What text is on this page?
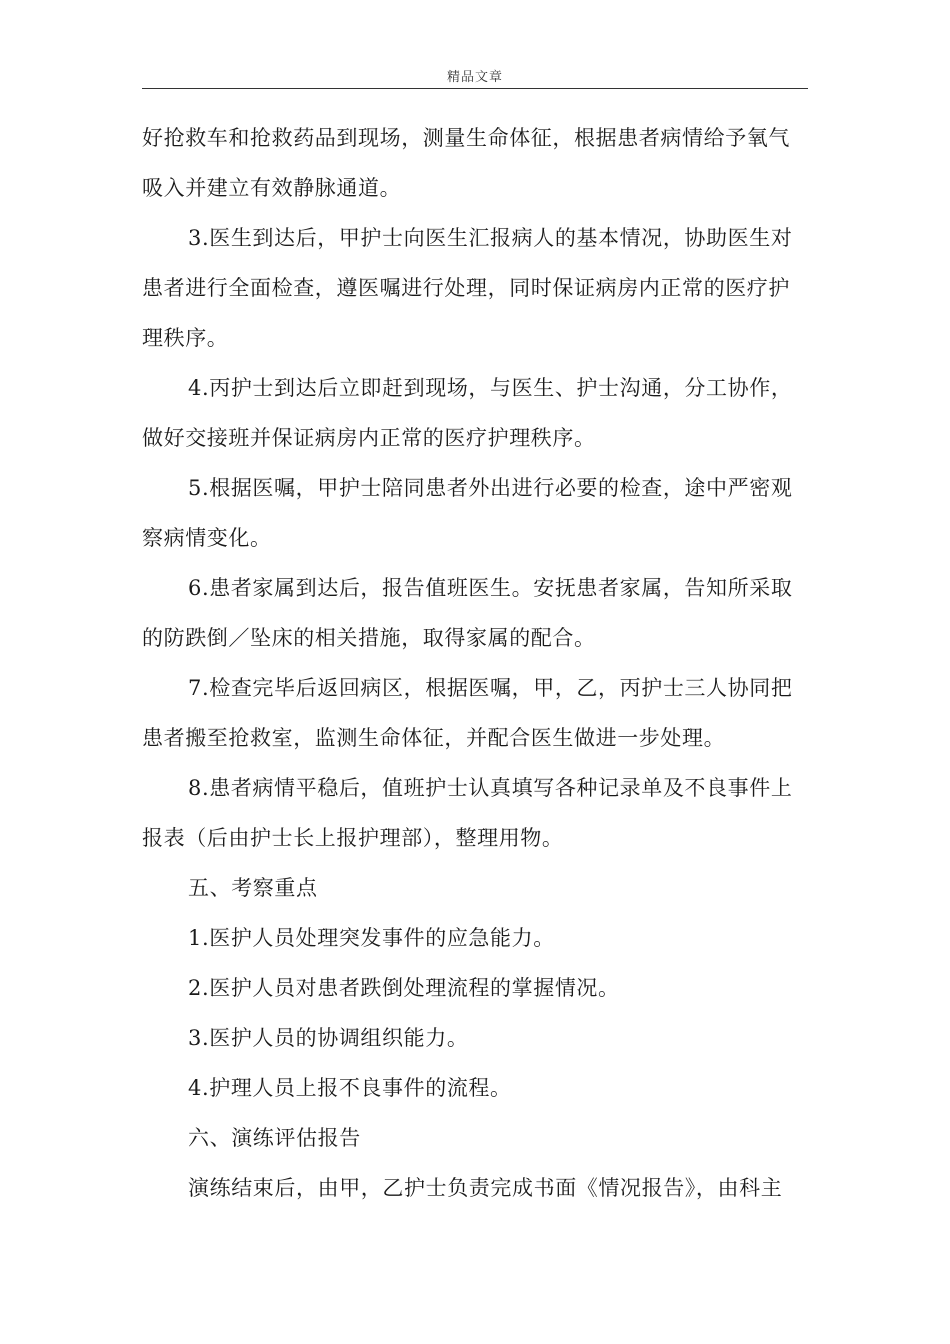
精品文章
好抢救车和抢救药品到现场，测量生命体征，根据患者病情给予氧气
吸入并建立有效静脉通道。
3.医生到达后，甲护士向医生汇报病人的基本情况，协助医生对
患者进行全面检查，遵医嘱进行处理，同时保证病房内正常的医疗护
理秩序。
4.丙护士到达后立即赶到现场，与医生、护士沟通，分工协作，
做好交接班并保证病房内正常的医疗护理秩序。
5.根据医嘱，甲护士陪同患者外出进行必要的检查，途中严密观
察病情变化。
6.患者家属到达后，报告值班医生。安抚患者家属，告知所采取
的防跌倒／坠床的相关措施，取得家属的配合。
7.检查完毕后返回病区，根据医嘱，甲，乙，丙护士三人协同把
患者搬至抢救室，监测生命体征，并配合医生做进一步处理。
8.患者病情平稳后，值班护士认真填写各种记录单及不良事件上
报表（后由护士长上报护理部），整理用物。
五、考察重点
1.医护人员处理突发事件的应急能力。
2.医护人员对患者跌倒处理流程的掌握情况。
3.医护人员的协调组织能力。
4.护理人员上报不良事件的流程。
六、演练评估报告
演练结束后，由甲，乙护士负责完成书面《情况报告》，由科主
